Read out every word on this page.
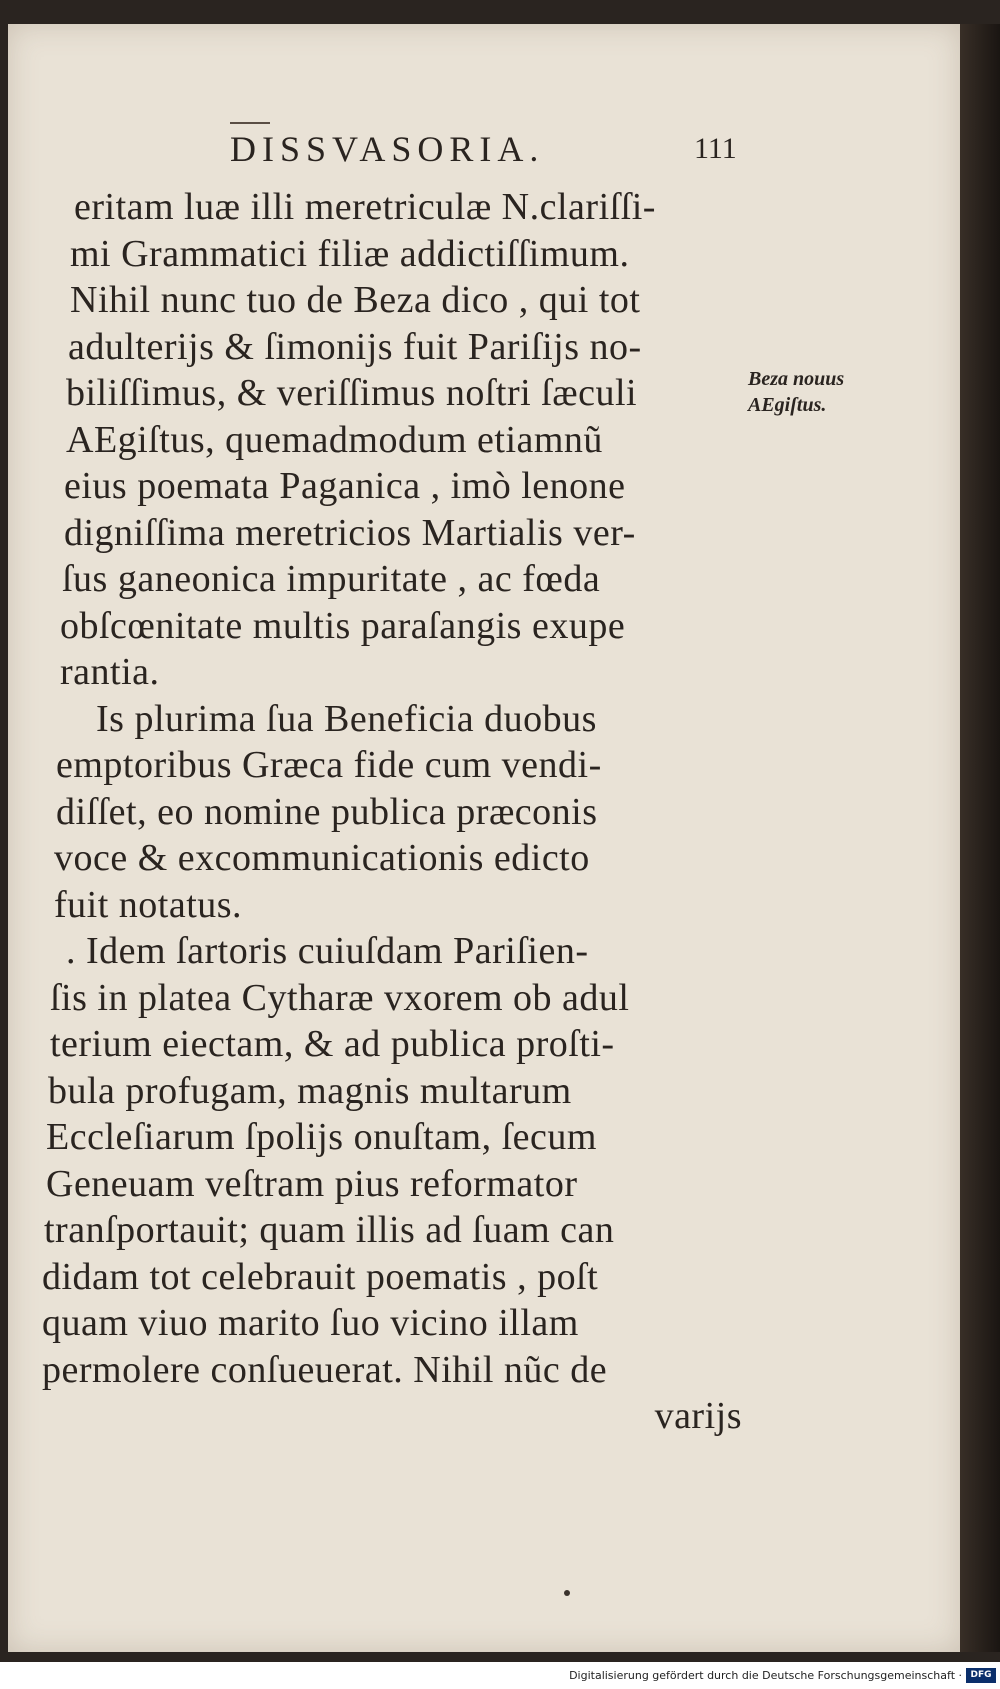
DISSVASORIA.	111
eritam luæ illi meretriculæ N.clariſſi-
mi Grammatici filiæ addictiſſimum.
Nihil nunc tuo de Beza dico , qui tot
adulterijs & ſimonijs fuit Pariſijs no-
biliſſimus, & veriſſimus noſtri ſæculi
AEgiſtus, quemadmodum etiamnũ
eius poemata Paganica , imò lenone
digniſſima meretricios Martialis ver-
ſus ganeonica impuritate , ac fœda
obſcœnitate multis paraſangis exupe
rantia.
Is plurima ſua Beneficia duobus
emptoribus Græca fide cum vendi-
diſſet, eo nomine publica præconis
voce & excommunicationis edicto
fuit notatus.
. Idem ſartoris cuiuſdam Pariſien-
ſis in platea Cytharæ vxorem ob adul
terium eiectam, & ad publica proſti-
bula profugam, magnis multarum
Eccleſiarum ſpolijs onuſtam, ſecum
Geneuam veſtram pius reformator
tranſportauit; quam illis ad ſuam can
didam tot celebrauit poematis , poſt
quam viuo marito ſuo vicino illam
permolere conſueuerat. Nihil nũc de
varijs
Beza nouus
AEgiſtus.
Digitalisierung gefördert durch die Deutsche Forschungsgemeinschaft · DFG
